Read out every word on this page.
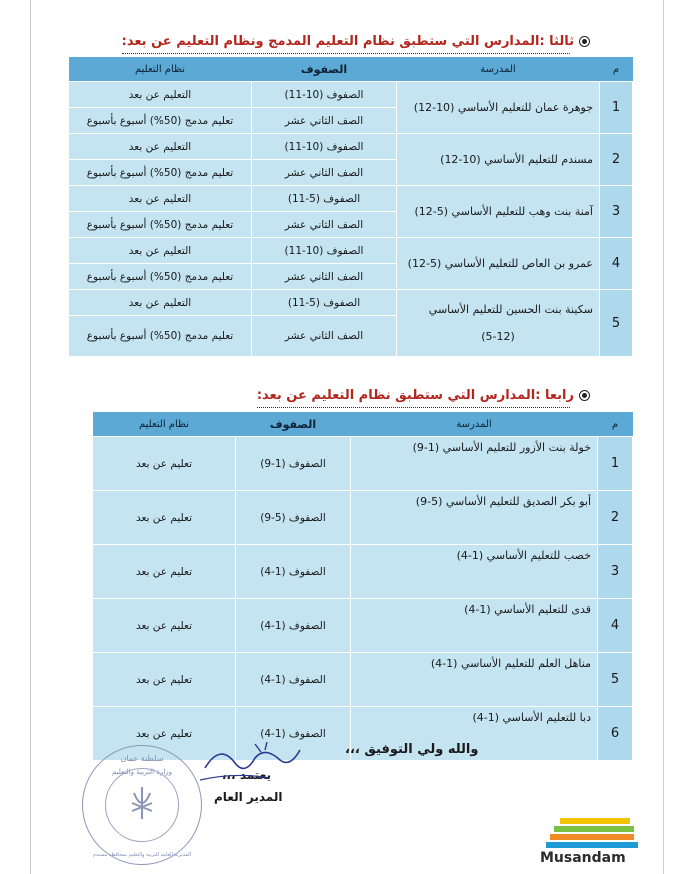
ثالثا :المدارس التي ستطبق نظام التعليم المدمج ونظام التعليم عن بعد:
م	المدرسة	الصفوف	نظام التعليم
1	جوهرة عمان للتعليم الأساسي (10-12)	الصفوف (10-11)	التعليم عن بعد
		الصف الثاني عشر	تعليم مدمج (50%) أسبوع بأسبوع
2	مسندم للتعليم الأساسي (10-12)	الصفوف (10-11)	التعليم عن بعد
		الصف الثاني عشر	تعليم مدمج (50%) أسبوع بأسبوع
3	آمنة بنت وهب للتعليم الأساسي (5-12)	الصفوف (5-11)	التعليم عن بعد
		الصف الثاني عشر	تعليم مدمج (50%) أسبوع بأسبوع
4	عمرو بن العاص للتعليم الأساسي (5-12)	الصفوف (10-11)	التعليم عن بعد
		الصف الثاني عشر	تعليم مدمج (50%) أسبوع بأسبوع
5	سكينة بنت الحسين للتعليم الأساسي
(5-12)	الصفوف (5-11)	التعليم عن بعد
		الصف الثاني عشر	تعليم مدمج (50%) أسبوع بأسبوع
رابعا :المدارس التي ستطبق نظام التعليم عن بعد:
م	المدرسة	الصفوف	نظام التعليم
1	خولة بنت الأزور للتعليم الأساسي (1-9)	الصفوف (1-9)	تعليم عن بعد
2	أبو بكر الصديق للتعليم الأساسي (5-9)	الصفوف (5-9)	تعليم عن بعد
3	خصب للتعليم الأساسي (1-4)	الصفوف (1-4)	تعليم عن بعد
4	قدى للتعليم الأساسي (1-4)	الصفوف (1-4)	تعليم عن بعد
5	مناهل العلم للتعليم الأساسي (1-4)	الصفوف (1-4)	تعليم عن بعد
6	دبا للتعليم الأساسي (1-4)	الصفوف (1-4)	تعليم عن بعد
والله ولي التوفيق ،،،
يعتمد ،،،
المدير العام
سلطنة عمان
وزارة التربية والتعليم
المديرية العامة للتربية والتعليم بمحافظة مسندم	Musandam
